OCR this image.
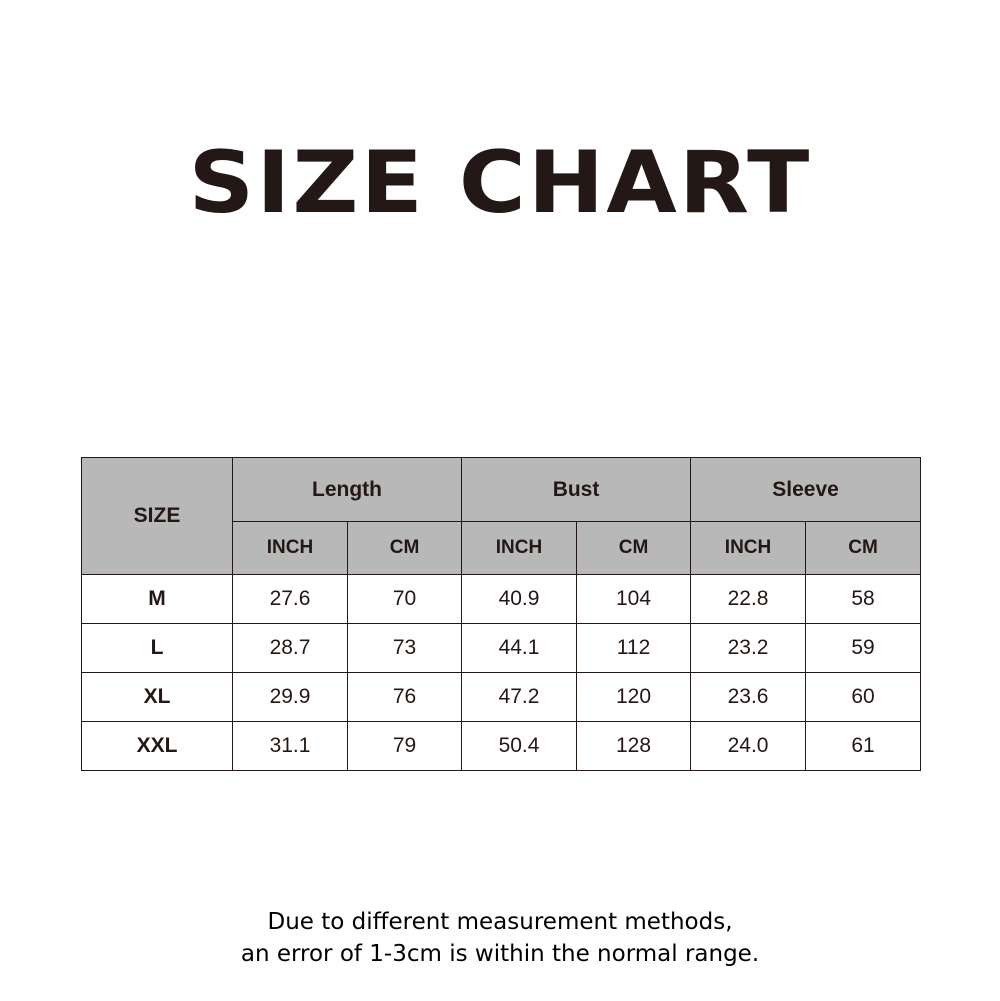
SIZE CHART
SIZE	Length		Bust		Sleeve	
	INCH	CM	INCH	CM	INCH	CM
M	27.6	70	40.9	104	22.8	58
L	28.7	73	44.1	112	23.2	59
XL	29.9	76	47.2	120	23.6	60
XXL	31.1	79	50.4	128	24.0	61
Due to different measurement methods,
an error of 1-3cm is within the normal range.
